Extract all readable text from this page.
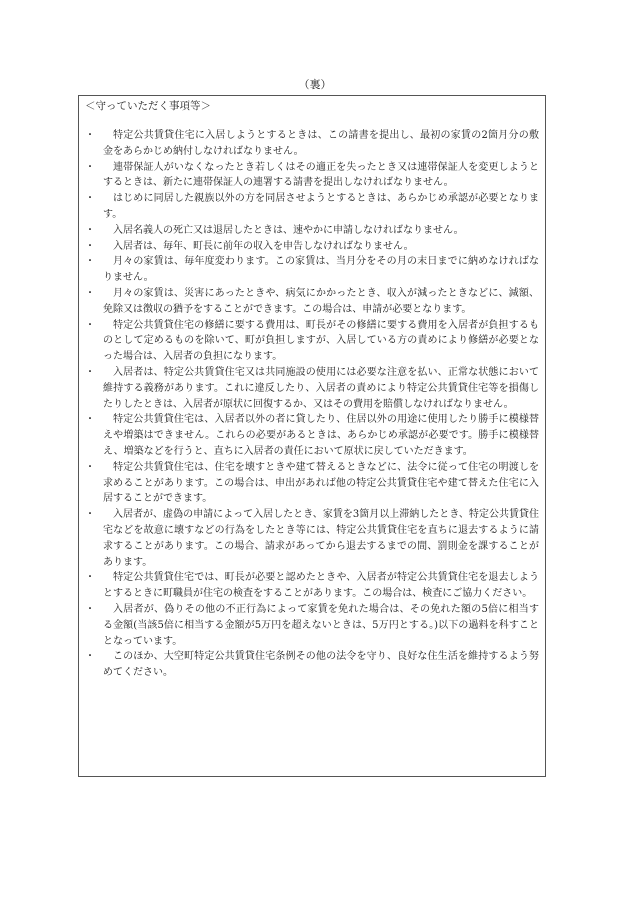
（裏）
＜守っていただく事項等＞
・	特定公共賃貸住宅に入居しようとするときは、この請書を提出し、最初の家賃の2箇月分の敷金をあらかじめ納付しなければなりません。
・	連帯保証人がいなくなったとき若しくはその適正を失ったとき又は連帯保証人を変更しようとするときは、新たに連帯保証人の連署する請書を提出しなければなりません。
・	はじめに同居した親族以外の方を同居させようとするときは、あらかじめ承認が必要となります。
・	入居名義人の死亡又は退居したときは、速やかに申請しなければなりません。
・	入居者は、毎年、町長に前年の収入を申告しなければなりません。
・	月々の家賃は、毎年度変わります。この家賃は、当月分をその月の末日までに納めなければなりません。
・	月々の家賃は、災害にあったときや、病気にかかったとき、収入が減ったときなどに、減額、免除又は徴収の猶予をすることができます。この場合は、申請が必要となります。
・	特定公共賃貸住宅の修繕に要する費用は、町長がその修繕に要する費用を入居者が負担するものとして定めるものを除いて、町が負担しますが、入居している方の責めにより修繕が必要となった場合は、入居者の負担になります。
・	入居者は、特定公共賃貸住宅又は共同施設の使用には必要な注意を払い、正常な状態において維持する義務があります。これに違反したり、入居者の責めにより特定公共賃貸住宅等を損傷したりしたときは、入居者が原状に回復するか、又はその費用を賠償しなければなりません。
・	特定公共賃貸住宅は、入居者以外の者に貸したり、住居以外の用途に使用したり勝手に模様替えや増築はできません。これらの必要があるときは、あらかじめ承認が必要です。勝手に模様替え、増築などを行うと、直ちに入居者の責任において原状に戻していただきます。
・	特定公共賃貸住宅は、住宅を壊すときや建て替えるときなどに、法令に従って住宅の明渡しを求めることがあります。この場合は、申出があれば他の特定公共賃貸住宅や建て替えた住宅に入居することができます。
・	入居者が、虚偽の申請によって入居したとき、家賃を3箇月以上滞納したとき、特定公共賃貸住宅などを故意に壊すなどの行為をしたとき等には、特定公共賃貸住宅を直ちに退去するように請求することがあります。この場合、請求があってから退去するまでの間、罰則金を課することがあります。
・	特定公共賃貸住宅では、町長が必要と認めたときや、入居者が特定公共賃貸住宅を退去しようとするときに町職員が住宅の検査をすることがあります。この場合は、検査にご協力ください。
・	入居者が、偽りその他の不正行為によって家賃を免れた場合は、その免れた額の5倍に相当する金額(当該5倍に相当する金額が5万円を超えないときは、5万円とする。)以下の過料を科すこととなっています。
・	このほか、大空町特定公共賃貸住宅条例その他の法令を守り、良好な住生活を維持するよう努めてください。
